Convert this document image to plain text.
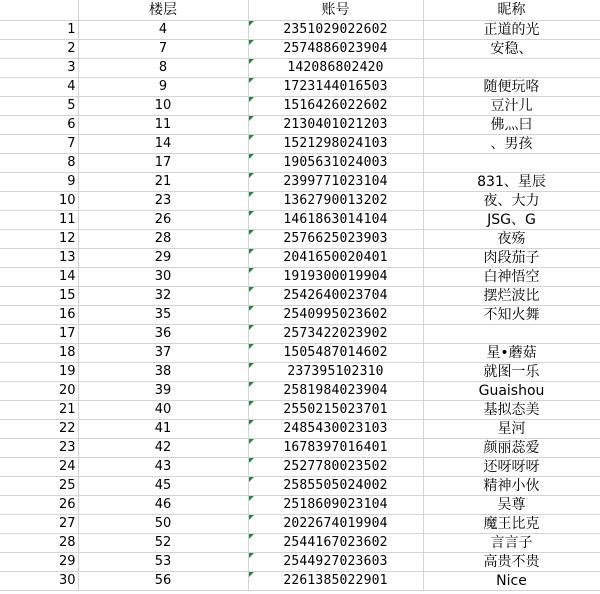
	楼层	账号	昵称
1	4	2351029022602	正道的光
2	7	2574886023904	安稳、
3	8	142086802420

4	9	1723144016503	随便玩咯
5	10	1516426022602	豆汁儿
6	11	2130401021203	佛灬曰
7	14	1521298024103	、男孩
8	17	1905631024003

9	21	2399771023104	831、星辰
10	23	1362790013202	夜、大力
11	26	1461863014104	JSG、G
12	28	2576625023903	夜殇
13	29	2041650020401	肉段茄子
14	30	1919300019904	白神悟空
15	32	2542640023704	摆烂波比
16	35	2540995023602	不知火舞
17	36	2573422023902

18	37	1505487014602	星•蘑菇
19	38	237395102310	就图一乐
20	39	2581984023904	Guaishou
21	40	2550215023701	基拟态美
22	41	2485430023103	星河
23	42	1678397016401	颜丽蕊爱
24	43	2527780023502	还呀呀呀
25	45	2585505024002	精神小伙
26	46	2518609023104	吴尊
27	50	2022674019904	魔王比克
28	52	2544167023602	言言子
29	53	2544927023603	高贵不贵
30	56	2261385022901	Nice
